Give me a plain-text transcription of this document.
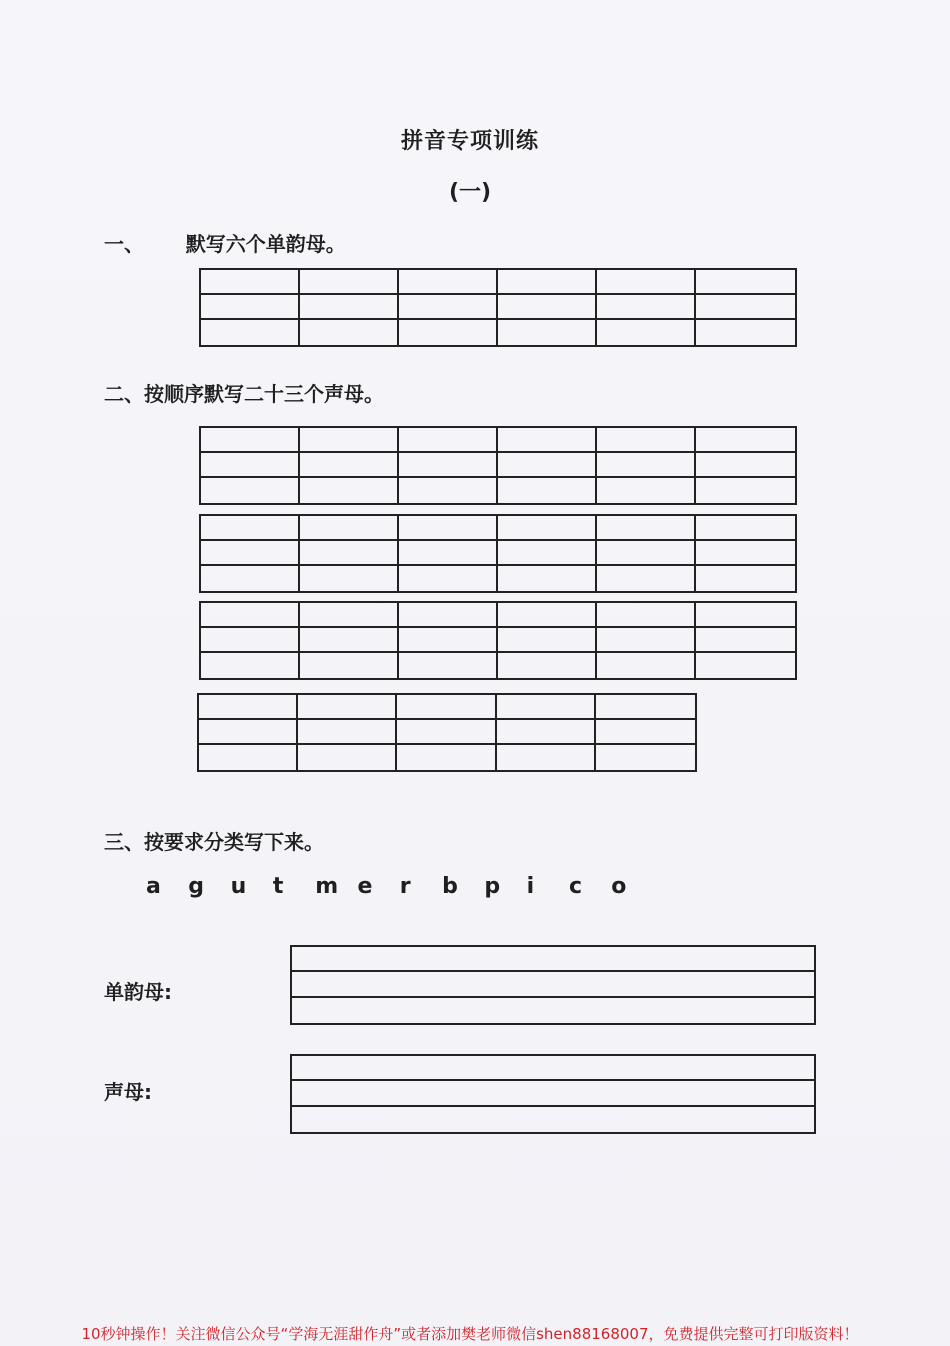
拼音专项训练
(一)
一、      默写六个单韵母。
二、按顺序默写二十三个声母。
三、按要求分类写下来。
a	g	u	t	m e	r	b	p	i	c	o
单韵母:
声母:
10秒钟操作！关注微信公众号“学海无涯甜作舟”或者添加樊老师微信shen88168007，免费提供完整可打印版资料！
